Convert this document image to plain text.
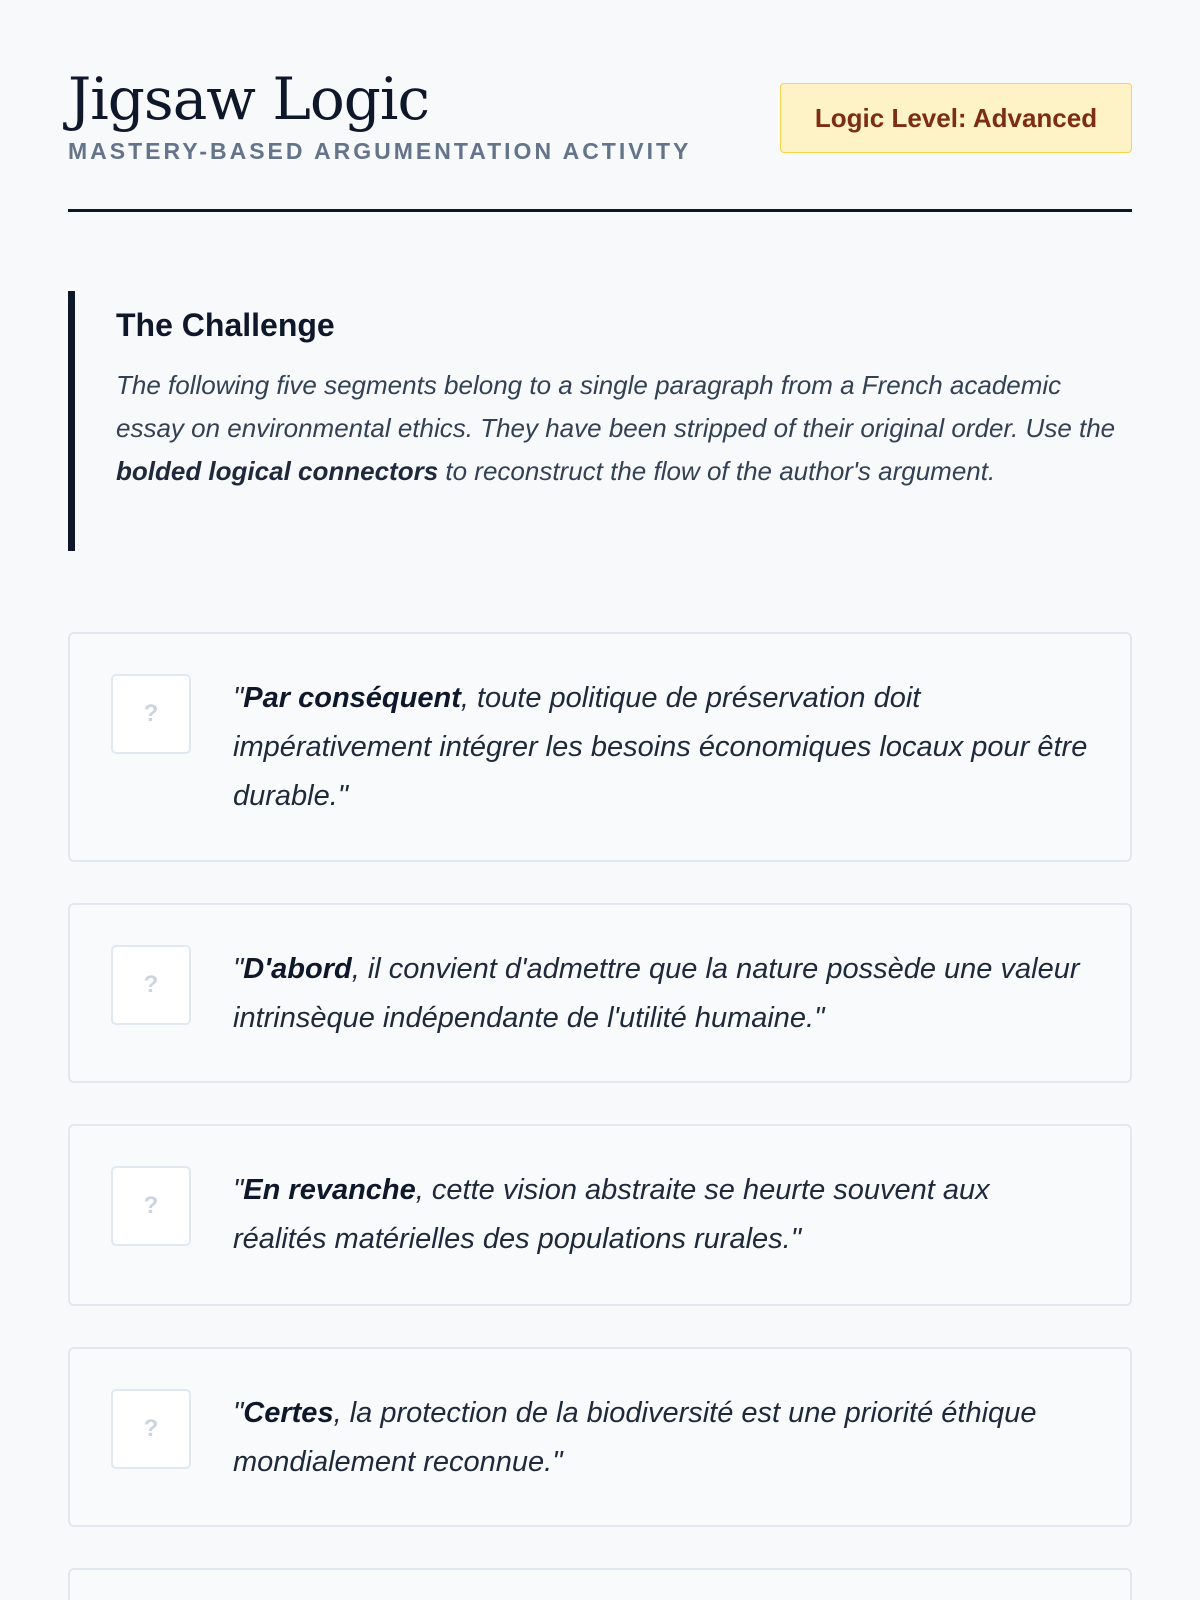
Jigsaw Logic
MASTERY-BASED ARGUMENTATION ACTIVITY
Logic Level: Advanced
The Challenge

The following five segments belong to a single paragraph from a French academic essay on environmental ethics. They have been stripped of their original order. Use the bolded logical connectors to reconstruct the flow of the author's argument.

?	"Par conséquent, toute politique de préservation doit impérativement intégrer les besoins économiques locaux pour être durable."

?	"D'abord, il convient d'admettre que la nature possède une valeur intrinsèque indépendante de l'utilité humaine."

?	"En revanche, cette vision abstraite se heurte souvent aux réalités matérielles des populations rurales."

?	"Certes, la protection de la biodiversité est une priorité éthique mondialement reconnue."
